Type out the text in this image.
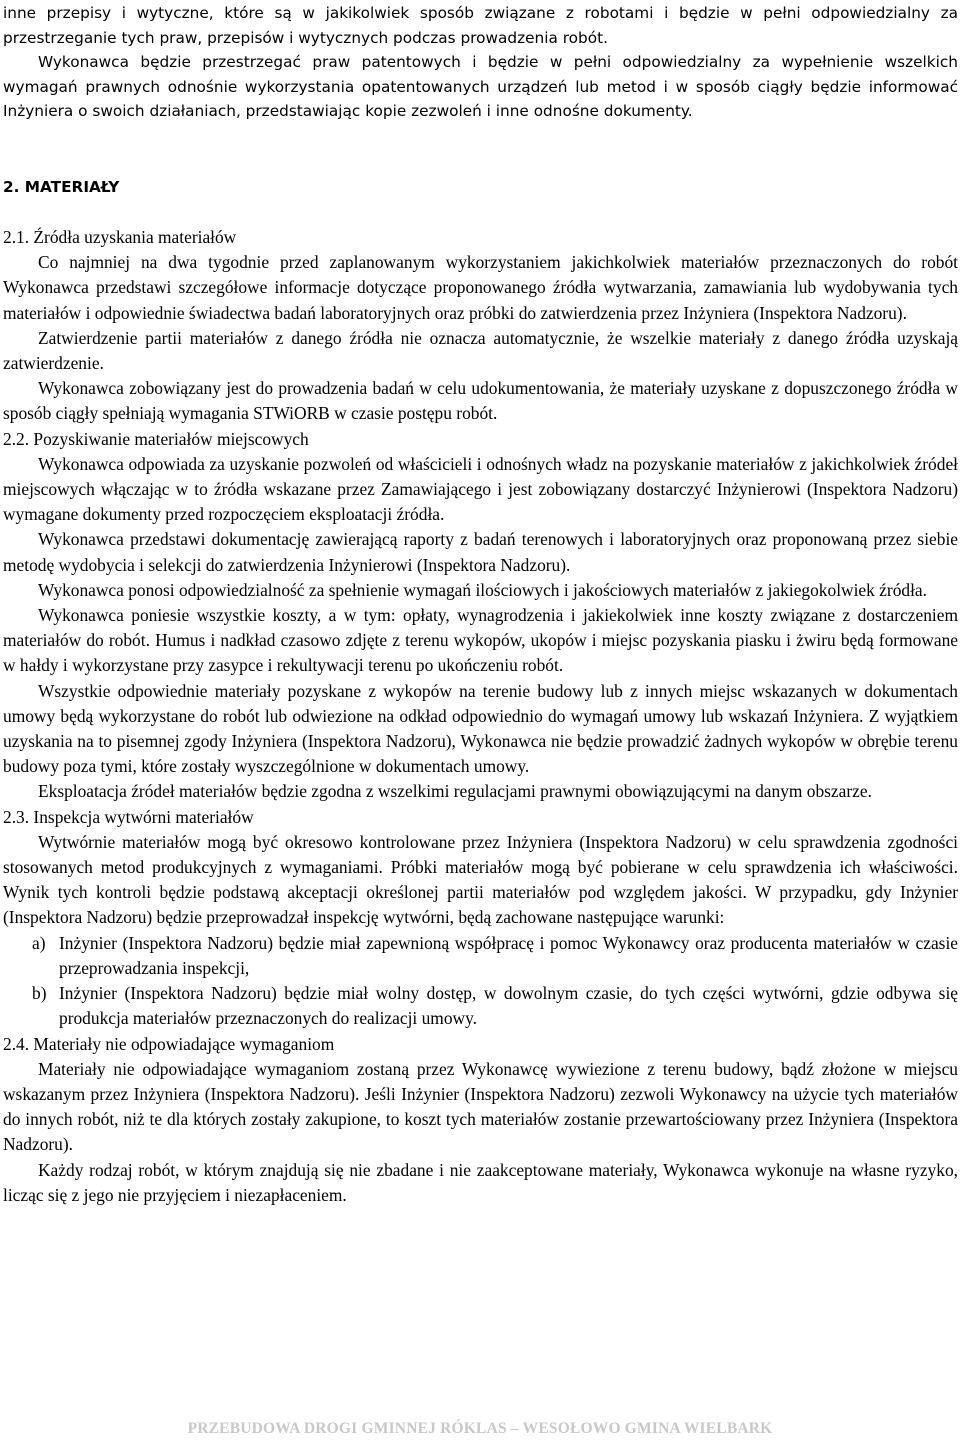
inne przepisy i wytyczne, które są w jakikolwiek sposób związane z robotami i będzie w pełni odpowiedzialny za przestrzeganie tych praw, przepisów i wytycznych podczas prowadzenia robót.

Wykonawca będzie przestrzegać praw patentowych i będzie w pełni odpowiedzialny za wypełnienie wszelkich wymagań prawnych odnośnie wykorzystania opatentowanych urządzeń lub metod i w sposób ciągły będzie informować Inżyniera o swoich działaniach, przedstawiając kopie zezwoleń i inne odnośne dokumenty.

2. MATERIAŁY

2.1. Źródła uzyskania materiałów

Co najmniej na dwa tygodnie przed zaplanowanym wykorzystaniem jakichkolwiek materiałów przeznaczonych do robót Wykonawca przedstawi szczegółowe informacje dotyczące proponowanego źródła wytwarzania, zamawiania lub wydobywania tych materiałów i odpowiednie świadectwa badań laboratoryjnych oraz próbki do zatwierdzenia przez Inżyniera (Inspektora Nadzoru).

Zatwierdzenie partii materiałów z danego źródła nie oznacza automatycznie, że wszelkie materiały z danego źródła uzyskają zatwierdzenie.

Wykonawca zobowiązany jest do prowadzenia badań w celu udokumentowania, że materiały uzyskane z dopuszczonego źródła w sposób ciągły spełniają wymagania STWiORB w czasie postępu robót.

2.2. Pozyskiwanie materiałów miejscowych

Wykonawca odpowiada za uzyskanie pozwoleń od właścicieli i odnośnych władz na pozyskanie materiałów z jakichkolwiek źródeł miejscowych włączając w to źródła wskazane przez Zamawiającego i jest zobowiązany dostarczyć Inżynierowi (Inspektora Nadzoru) wymagane dokumenty przed rozpoczęciem eksploatacji źródła.

Wykonawca przedstawi dokumentację zawierającą raporty z badań terenowych i laboratoryjnych oraz proponowaną przez siebie metodę wydobycia i selekcji do zatwierdzenia Inżynierowi (Inspektora Nadzoru).

Wykonawca ponosi odpowiedzialność za spełnienie wymagań ilościowych i jakościowych materiałów z jakiegokolwiek źródła.

Wykonawca poniesie wszystkie koszty, a w tym: opłaty, wynagrodzenia i jakiekolwiek inne koszty związane z dostarczeniem materiałów do robót. Humus i nadkład czasowo zdjęte z terenu wykopów, ukopów i miejsc pozyskania piasku i żwiru będą formowane w hałdy i wykorzystane przy zasypce i rekultywacji terenu po ukończeniu robót.

Wszystkie odpowiednie materiały pozyskane z wykopów na terenie budowy lub z innych miejsc wskazanych w dokumentach umowy będą wykorzystane do robót lub odwiezione na odkład odpowiednio do wymagań umowy lub wskazań Inżyniera. Z wyjątkiem uzyskania na to pisemnej zgody Inżyniera (Inspektora Nadzoru), Wykonawca nie będzie prowadzić żadnych wykopów w obrębie terenu budowy poza tymi, które zostały wyszczególnione w dokumentach umowy.

Eksploatacja źródeł materiałów będzie zgodna z wszelkimi regulacjami prawnymi obowiązującymi na danym obszarze.

2.3. Inspekcja wytwórni materiałów

Wytwórnie materiałów mogą być okresowo kontrolowane przez Inżyniera (Inspektora Nadzoru) w celu sprawdzenia zgodności stosowanych metod produkcyjnych z wymaganiami. Próbki materiałów mogą być pobierane w celu sprawdzenia ich właściwości. Wynik tych kontroli będzie podstawą akceptacji określonej partii materiałów pod względem jakości. W przypadku, gdy Inżynier (Inspektora Nadzoru) będzie przeprowadzał inspekcję wytwórni, będą zachowane następujące warunki:

a) Inżynier (Inspektora Nadzoru) będzie miał zapewnioną współpracę i pomoc Wykonawcy oraz producenta materiałów w czasie przeprowadzania inspekcji,

b) Inżynier (Inspektora Nadzoru) będzie miał wolny dostęp, w dowolnym czasie, do tych części wytwórni, gdzie odbywa się produkcja materiałów przeznaczonych do realizacji umowy.

2.4. Materiały nie odpowiadające wymaganiom

Materiały nie odpowiadające wymaganiom zostaną przez Wykonawcę wywiezione z terenu budowy, bądź złożone w miejscu wskazanym przez Inżyniera (Inspektora Nadzoru). Jeśli Inżynier (Inspektora Nadzoru) zezwoli Wykonawcy na użycie tych materiałów do innych robót, niż te dla których zostały zakupione, to koszt tych materiałów zostanie przewartościowany przez Inżyniera (Inspektora Nadzoru).

Każdy rodzaj robót, w którym znajdują się nie zbadane i nie zaakceptowane materiały, Wykonawca wykonuje na własne ryzyko, licząc się z jego nie przyjęciem i niezapłaceniem.

PRZEBUDOWA DROGI GMINNEJ RÓKLAS – WESOŁOWO GMINA WIELBARK
